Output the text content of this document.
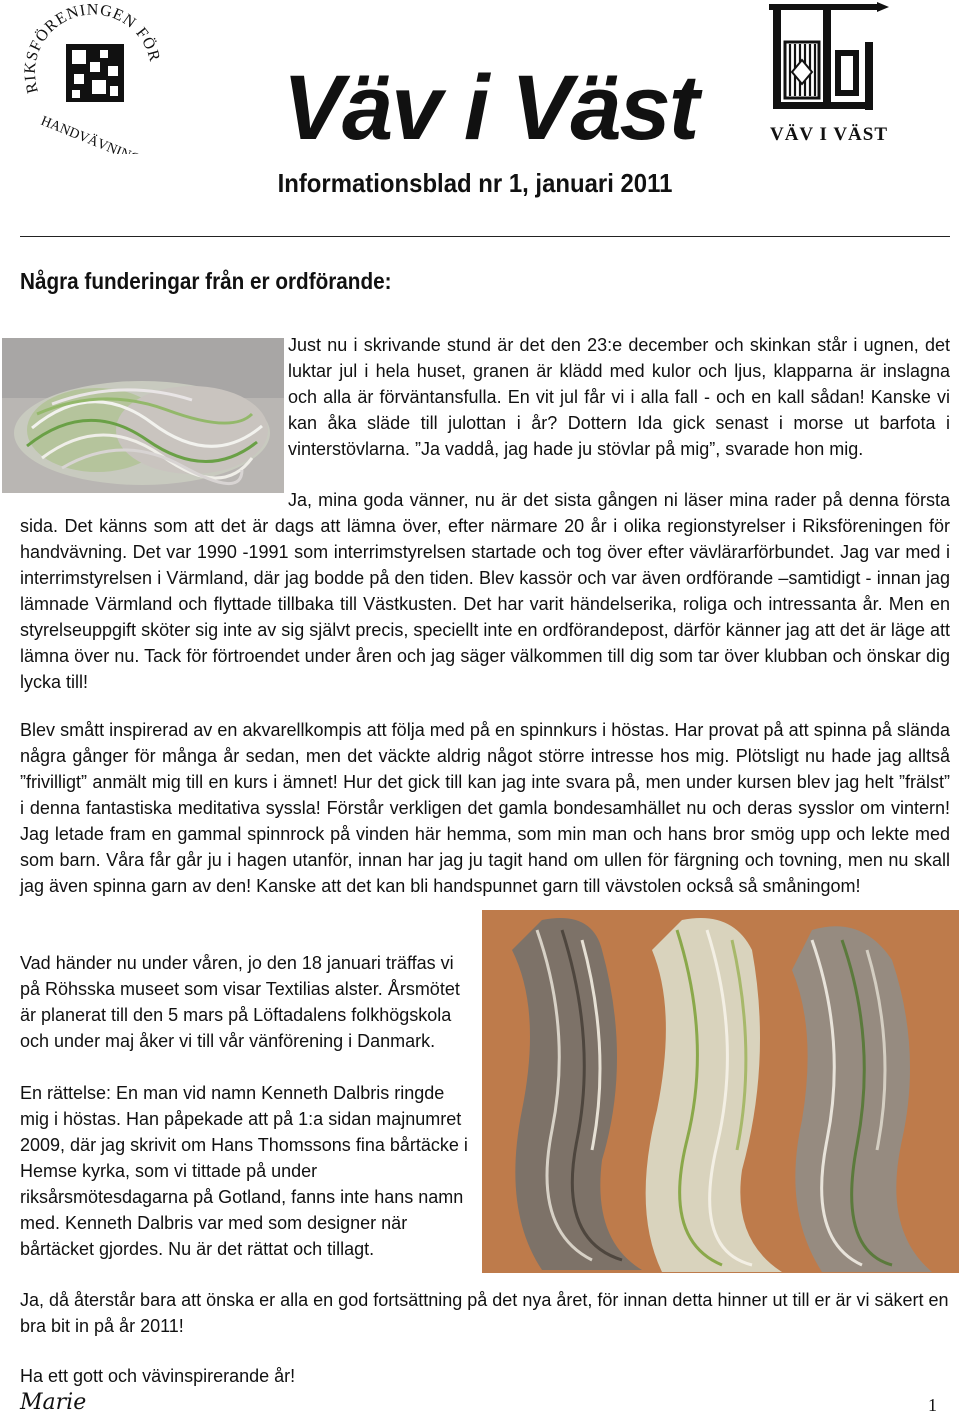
RIKSFÖRENINGEN FÖR
HANDVÄVNING	VÄV I VÄST
Väv i Väst

Informationsblad nr 1, januari 2011

Några funderingar från er ordförande:

Just nu i skrivande stund är det den 23:e december och skinkan står i ugnen, det luktar jul i hela huset, granen är klädd med kulor och ljus, klapparna är inslagna och alla är förväntansfulla. En vit jul får vi i alla fall - och en kall sådan! Kanske vi kan åka släde till julottan i år? Dottern Ida gick senast i morse ut barfota i vinterstövlarna. ”Ja vaddå, jag hade ju stövlar på mig”, svarade hon mig.

Ja, mina goda vänner, nu är det sista gången ni läser mina rader på denna första sida. Det känns som att det är dags att lämna över, efter närmare 20 år i olika regionstyrelser i Riksföreningen för handvävning. Det var 1990 -1991 som interrimstyrelsen startade och tog över efter vävlärarförbundet. Jag var med i interrimstyrelsen i Värmland, där jag bodde på den tiden. Blev kassör och var även ordförande –samtidigt - innan jag lämnade Värmland och flyttade tillbaka till Västkusten. Det har varit händelserika, roliga och intressanta år. Men en styrelseuppgift sköter sig inte av sig självt precis, speciellt inte en ordförandepost, därför känner jag att det är läge att lämna över nu. Tack för förtroendet under åren och jag säger välkommen till dig som tar över klubban och önskar dig lycka till!

Blev smått inspirerad av en akvarellkompis att följa med på en spinnkurs i höstas. Har provat på att spinna på slända några gånger för många år sedan, men det väckte aldrig något större intresse hos mig. Plötsligt nu hade jag alltså ”frivilligt” anmält mig till en kurs i ämnet! Hur det gick till kan jag inte svara på, men under kursen blev jag helt ”frälst” i denna fantastiska meditativa syssla! Förstår verkligen det gamla bondesamhället nu och deras sysslor om vintern! Jag letade fram en gammal spinnrock på vinden här hemma, som min man och hans bror smög upp och lekte med som barn. Våra får går ju i hagen utanför, innan har jag ju tagit hand om ullen för färgning och tovning, men nu skall jag även spinna garn av den! Kanske att det kan bli handspunnet garn till vävstolen också så småningom!

Vad händer nu under våren, jo den 18 januari träffas vi på Röhsska museet som visar Textilias alster. Årsmötet är planerat till den 5 mars på Löftadalens folkhögskola och under maj åker vi till vår vänförening i Danmark.

En rättelse: En man vid namn Kenneth Dalbris ringde mig i höstas. Han påpekade att på 1:a sidan majnumret 2009, där jag skrivit om Hans Thomssons fina bårtäcke i Hemse kyrka, som vi tittade på under riksårsmötesdagarna på Gotland, fanns inte hans namn med. Kenneth Dalbris var med som designer när bårtäcket gjordes. Nu är det rättat och tillagt.

Ja, då återstår bara att önska er alla en god fortsättning på det nya året, för innan detta hinner ut till er är vi säkert en bra bit in på år 2011!

Ha ett gott och vävinspirerande år!

Marie	1
